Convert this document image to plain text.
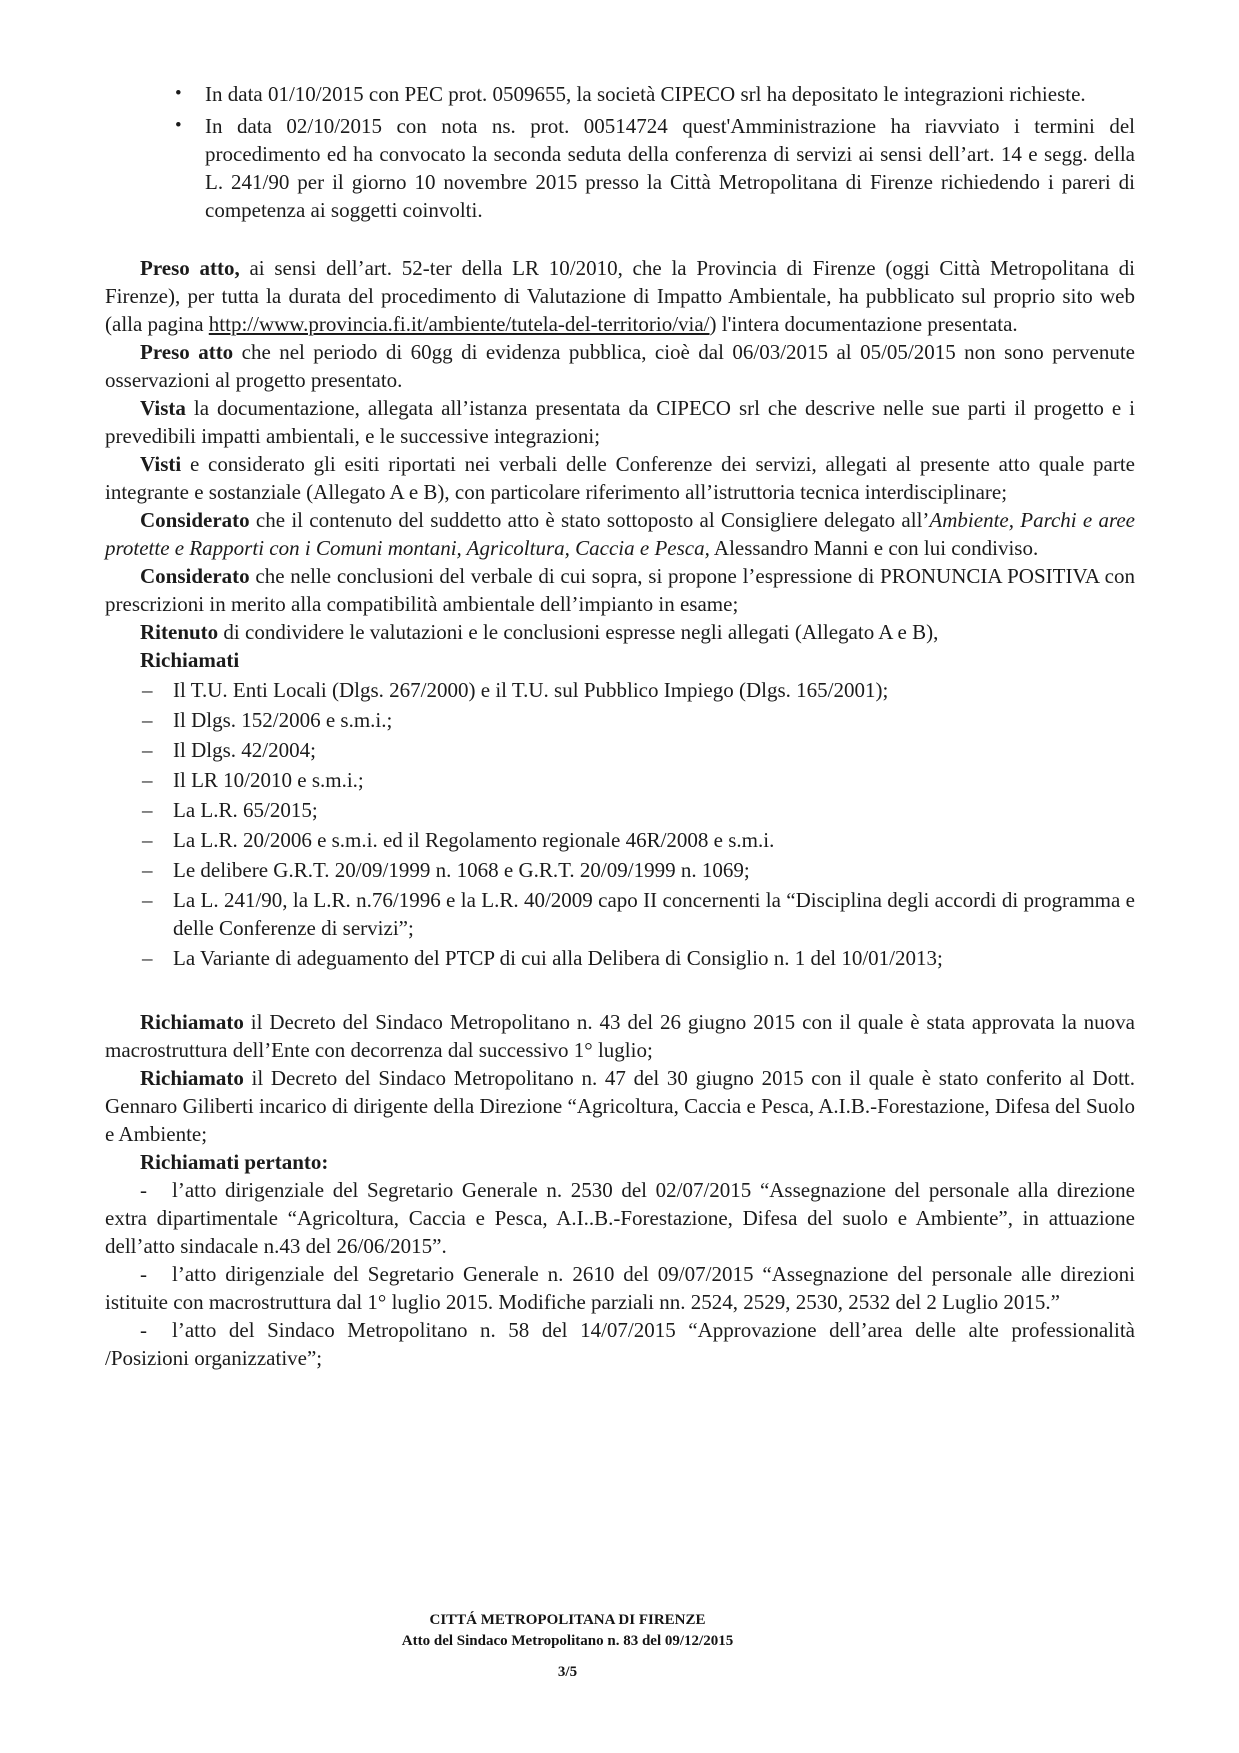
• In data 01/10/2015 con PEC prot. 0509655, la società CIPECO srl ha depositato le integrazioni richieste.
• In data 02/10/2015 con nota ns. prot. 00514724 quest'Amministrazione ha riavviato i termini del procedimento ed ha convocato la seconda seduta della conferenza di servizi ai sensi dell’art. 14 e segg. della L. 241/90 per il giorno 10 novembre 2015 presso la Città Metropolitana di Firenze richiedendo i pareri di competenza ai soggetti coinvolti.
Preso atto, ai sensi dell’art. 52-ter della LR 10/2010, che la Provincia di Firenze (oggi Città Metropolitana di Firenze), per tutta la durata del procedimento di Valutazione di Impatto Ambientale, ha pubblicato sul proprio sito web (alla pagina http://www.provincia.fi.it/ambiente/tutela-del-territorio/via/) l'intera documentazione presentata.
Preso atto che nel periodo di 60gg di evidenza pubblica, cioè dal 06/03/2015 al 05/05/2015 non sono pervenute osservazioni al progetto presentato.
Vista la documentazione, allegata all’istanza presentata da CIPECO srl che descrive nelle sue parti il progetto e i prevedibili impatti ambientali, e le successive integrazioni;
Visti e considerato gli esiti riportati nei verbali delle Conferenze dei servizi, allegati al presente atto quale parte integrante e sostanziale (Allegato A e B), con particolare riferimento all’istruttoria tecnica interdisciplinare;
Considerato che il contenuto del suddetto atto è stato sottoposto al Consigliere delegato all’Ambiente, Parchi e aree protette e Rapporti con i Comuni montani, Agricoltura, Caccia e Pesca, Alessandro Manni e con lui condiviso.
Considerato che nelle conclusioni del verbale di cui sopra, si propone l’espressione di PRONUNCIA POSITIVA con prescrizioni in merito alla compatibilità ambientale dell’impianto in esame;
Ritenuto di condividere le valutazioni e le conclusioni espresse negli allegati (Allegato A e B),
Richiamati
– Il T.U. Enti Locali (Dlgs. 267/2000) e il T.U. sul Pubblico Impiego (Dlgs. 165/2001);
– Il Dlgs. 152/2006 e s.m.i.;
– Il Dlgs. 42/2004;
– Il LR 10/2010 e s.m.i.;
– La L.R. 65/2015;
– La L.R. 20/2006 e s.m.i. ed il Regolamento regionale 46R/2008 e s.m.i.
– Le delibere G.R.T. 20/09/1999 n. 1068 e G.R.T. 20/09/1999 n. 1069;
– La L. 241/90, la L.R. n.76/1996 e la L.R. 40/2009 capo II concernenti la “Disciplina degli accordi di programma e delle Conferenze di servizi”;
– La Variante di adeguamento del PTCP di cui alla Delibera di Consiglio n. 1 del 10/01/2013;
Richiamato il Decreto del Sindaco Metropolitano n. 43 del 26 giugno 2015 con il quale è stata approvata la nuova macrostruttura dell’Ente con decorrenza dal successivo 1° luglio;
Richiamato il Decreto del Sindaco Metropolitano n. 47 del 30 giugno 2015 con il quale è stato conferito al Dott. Gennaro Giliberti incarico di dirigente della Direzione “Agricoltura, Caccia e Pesca, A.I.B.-Forestazione, Difesa del Suolo e Ambiente;
Richiamati pertanto:
- l’atto dirigenziale del Segretario Generale n. 2530 del 02/07/2015 “Assegnazione del personale alla direzione extra dipartimentale “Agricoltura, Caccia e Pesca, A.I..B.-Forestazione, Difesa del suolo e Ambiente”, in attuazione dell’atto sindacale n.43 del 26/06/2015”.
- l’atto dirigenziale del Segretario Generale n. 2610 del 09/07/2015 “Assegnazione del personale alle direzioni istituite con macrostruttura dal 1° luglio 2015. Modifiche parziali nn. 2524, 2529, 2530, 2532 del 2 Luglio 2015.”
- l’atto del Sindaco Metropolitano n. 58 del 14/07/2015 “Approvazione dell’area delle alte professionalità /Posizioni organizzative”;
CITTÁ METROPOLITANA DI FIRENZE
Atto del Sindaco Metropolitano n. 83 del 09/12/2015
3/5
